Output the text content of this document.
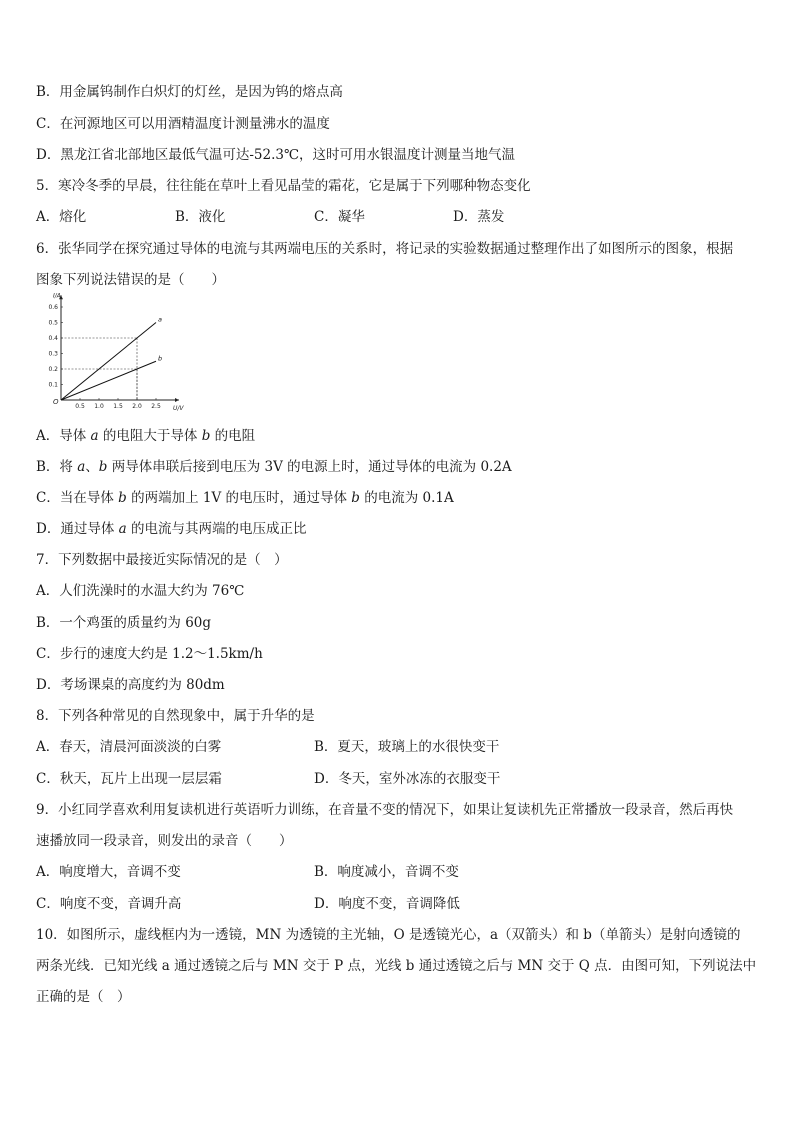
B．用金属钨制作白炽灯的灯丝，是因为钨的熔点高
C．在河源地区可以用酒精温度计测量沸水的温度
D．黑龙江省北部地区最低气温可达-52.3℃，这时可用水银温度计测量当地气温
5．寒冷冬季的早晨，往往能在草叶上看见晶莹的霜花，它是属于下列哪种物态变化
A．熔化	B．液化	C．凝华	D．蒸发
6．张华同学在探究通过导体的电流与其两端电压的关系时，将记录的实验数据通过整理作出了如图所示的图象，根据
图象下列说法错误的是（　　）
I/A
U/V
O
0.5 1.0 1.5 2.0 2.5
0.1
0.2
0.3
0.4
0.5
0.6
a
b
A．导体 a 的电阻大于导体 b 的电阻
B．将 a、b 两导体串联后接到电压为 3V 的电源上时，通过导体的电流为 0.2A
C．当在导体 b 的两端加上 1V 的电压时，通过导体 b 的电流为 0.1A
D．通过导体 a 的电流与其两端的电压成正比
7．下列数据中最接近实际情况的是（　）
A．人们洗澡时的水温大约为 76℃
B．一个鸡蛋的质量约为 60g
C．步行的速度大约是 1.2～1.5km/h
D．考场课桌的高度约为 80dm
8．下列各种常见的自然现象中，属于升华的是
A．春天，清晨河面淡淡的白雾	B．夏天，玻璃上的水很快变干
C．秋天，瓦片上出现一层层霜	D．冬天，室外冰冻的衣服变干
9．小红同学喜欢利用复读机进行英语听力训练，在音量不变的情况下，如果让复读机先正常播放一段录音，然后再快
速播放同一段录音，则发出的录音（　　）
A．响度增大，音调不变	B．响度减小，音调不变
C．响度不变，音调升高	D．响度不变，音调降低
10．如图所示，虚线框内为一透镜，MN 为透镜的主光轴，O 是透镜光心，a（双箭头）和 b（单箭头）是射向透镜的
两条光线．已知光线 a 通过透镜之后与 MN 交于 P 点，光线 b 通过透镜之后与 MN 交于 Q 点．由图可知，下列说法中
正确的是（　）
